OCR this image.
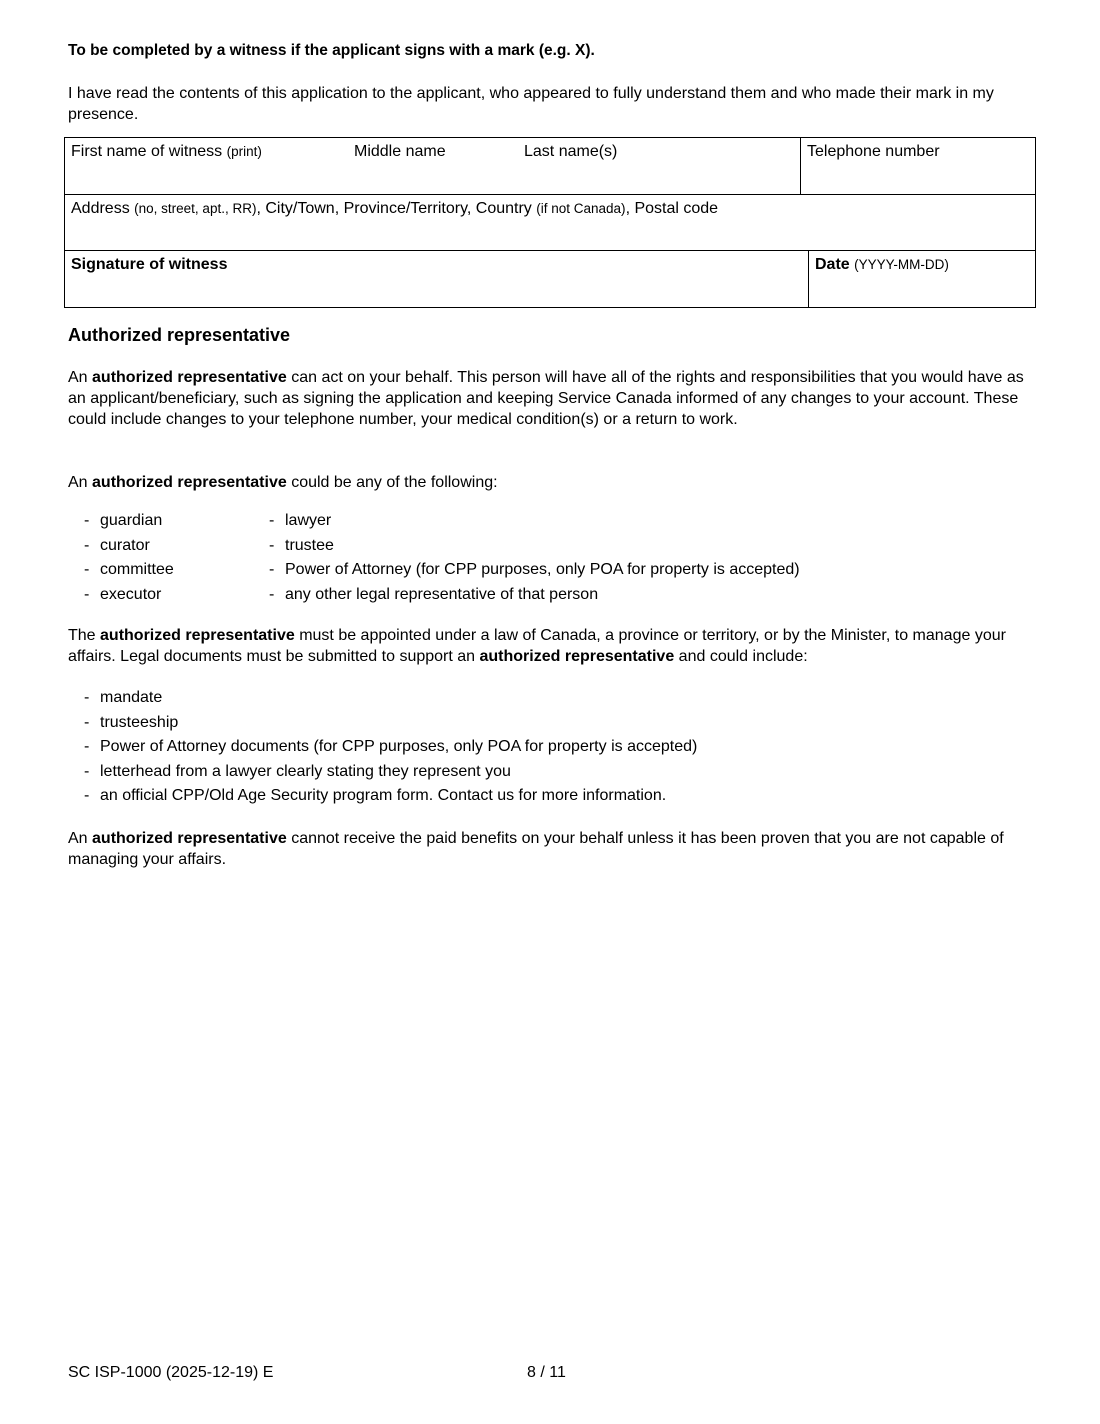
To be completed by a witness if the applicant signs with a mark (e.g. X).

I have read the contents of this application to the applicant, who appeared to fully understand them and who made their mark in my presence.

First name of witness (print)	Middle name	Last name(s)	Telephone number
Address (no, street, apt., RR), City/Town, Province/Territory, Country (if not Canada), Postal code
Signature of witness	Date (YYYY-MM-DD)
Authorized representative

An authorized representative can act on your behalf. This person will have all of the rights and responsibilities that you would have as an applicant/beneficiary, such as signing the application and keeping Service Canada informed of any changes to your account. These could include changes to your telephone number, your medical condition(s) or a return to work.

An authorized representative could be any of the following:

- guardian
- curator
- committee
- executor
- lawyer
- trustee
- Power of Attorney (for CPP purposes, only POA for property is accepted)
- any other legal representative of that person

The authorized representative must be appointed under a law of Canada, a province or territory, or by the Minister, to manage your affairs. Legal documents must be submitted to support an authorized representative and could include:

- mandate
- trusteeship
- Power of Attorney documents (for CPP purposes, only POA for property is accepted)
- letterhead from a lawyer clearly stating they represent you
- an official CPP/Old Age Security program form. Contact us for more information.

An authorized representative cannot receive the paid benefits on your behalf unless it has been proven that you are not capable of managing your affairs.

SC ISP-1000 (2025-12-19) E	8 / 11
